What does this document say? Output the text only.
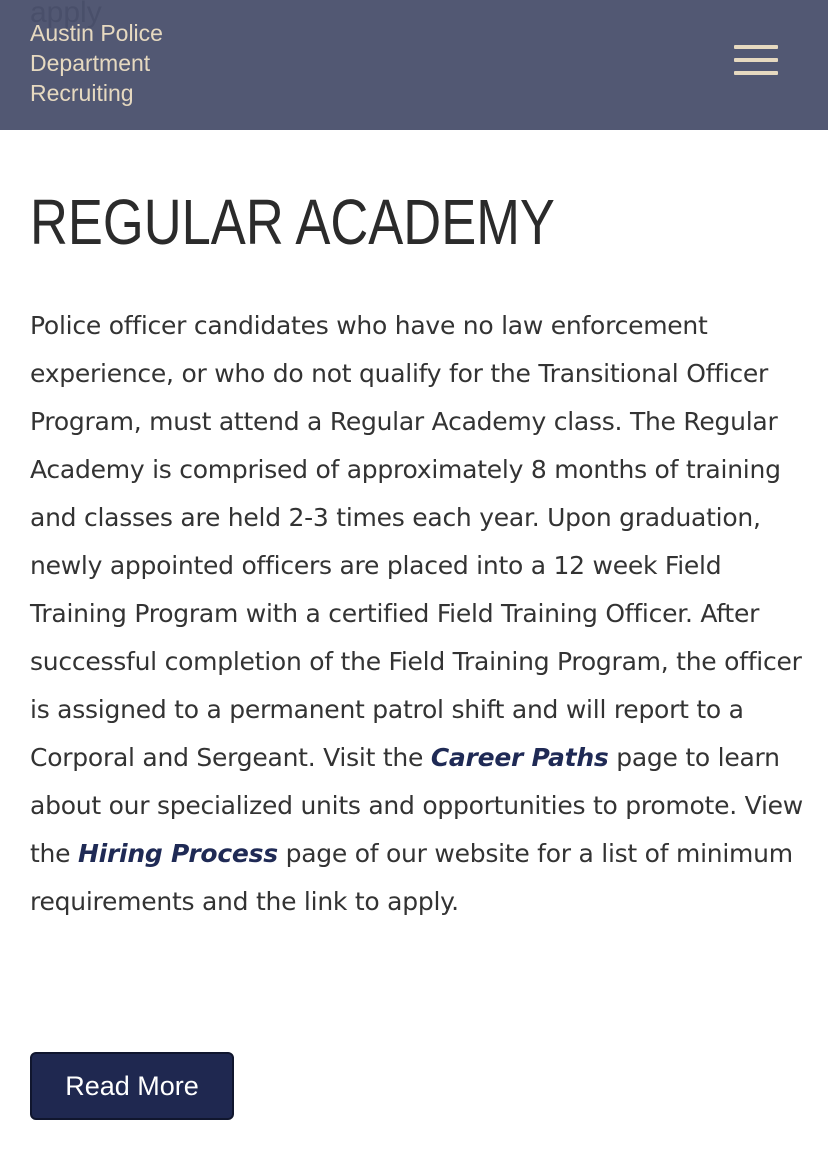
apply
Austin Police
Department
Recruiting
REGULAR ACADEMY

Police officer candidates who have no law enforcement experience, or who do not qualify for the Transitional Officer Program, must attend a Regular Academy class. The Regular Academy is comprised of approximately 8 months of training and classes are held 2-3 times each year. Upon graduation, newly appointed officers are placed into a 12 week Field Training Program with a certified Field Training Officer. After successful completion of the Field Training Program, the officer is assigned to a permanent patrol shift and will report to a Corporal and Sergeant. Visit the Career Paths page to learn about our specialized units and opportunities to promote. View the Hiring Process page of our website for a list of minimum requirements and the link to apply.

Read More
